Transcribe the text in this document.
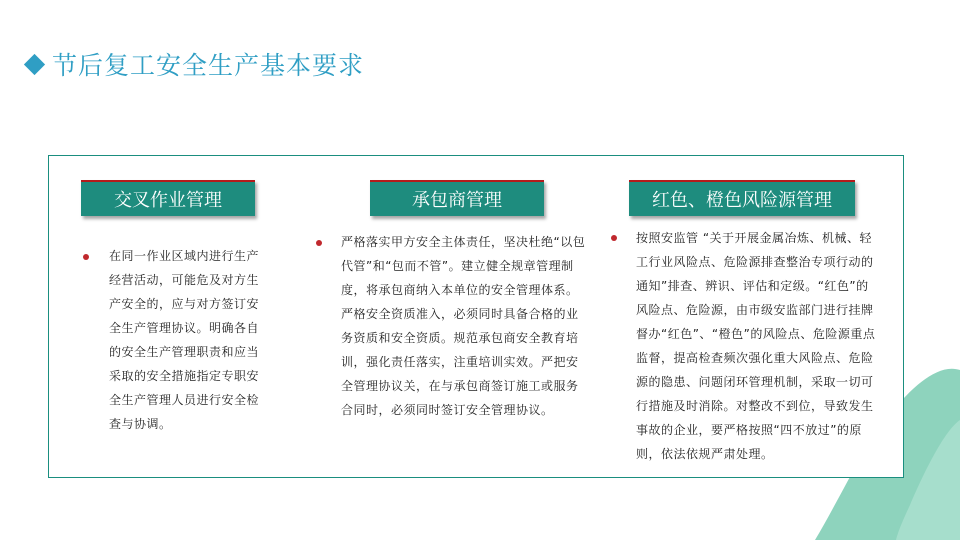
节后复工安全生产基本要求
交叉作业管理
在同一作业区域内进行生产经营活动，可能危及对方生产安全的，应与对方签订安全生产管理协议。明确各自的安全生产管理职责和应当采取的安全措施指定专职安全生产管理人员进行安全检查与协调。
承包商管理
严格落实甲方安全主体责任，坚决杜绝“以包代管”和“包而不管”。建立健全规章管理制度，将承包商纳入本单位的安全管理体系。严格安全资质准入，必须同时具备合格的业务资质和安全资质。规范承包商安全教育培训，强化责任落实，注重培训实效。严把安全管理协议关，在与承包商签订施工或服务合同时，必须同时签订安全管理协议。
红色、橙色风险源管理
按照安监管 “关于开展金属冶炼、机械、轻工行业风险点、危险源排查整治专项行动的通知”排查、辨识、评估和定级。“红色”的风险点、危险源，由市级安监部门进行挂牌督办“红色”、“橙色”的风险点、危险源重点监督，提高检查频次强化重大风险点、危险源的隐患、问题闭环管理机制，采取一切可行措施及时消除。对整改不到位，导致发生事故的企业，要严格按照“四不放过”的原则，依法依规严肃处理。
